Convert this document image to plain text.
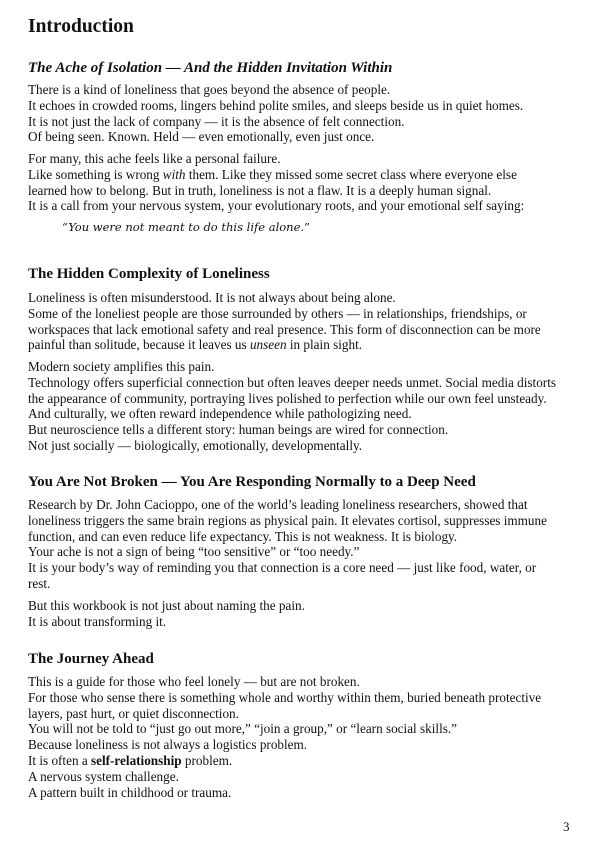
Introduction
The Ache of Isolation — And the Hidden Invitation Within
There is a kind of loneliness that goes beyond the absence of people.
It echoes in crowded rooms, lingers behind polite smiles, and sleeps beside us in quiet homes.
It is not just the lack of company — it is the absence of felt connection.
Of being seen. Known. Held — even emotionally, even just once.
For many, this ache feels like a personal failure.
Like something is wrong with them. Like they missed some secret class where everyone else
learned how to belong. But in truth, loneliness is not a flaw. It is a deeply human signal.
It is a call from your nervous system, your evolutionary roots, and your emotional self saying:
“You were not meant to do this life alone.”
The Hidden Complexity of Loneliness
Loneliness is often misunderstood. It is not always about being alone.
Some of the loneliest people are those surrounded by others — in relationships, friendships, or
workspaces that lack emotional safety and real presence. This form of disconnection can be more
painful than solitude, because it leaves us unseen in plain sight.
Modern society amplifies this pain.
Technology offers superficial connection but often leaves deeper needs unmet. Social media distorts
the appearance of community, portraying lives polished to perfection while our own feel unsteady.
And culturally, we often reward independence while pathologizing need.
But neuroscience tells a different story: human beings are wired for connection.
Not just socially — biologically, emotionally, developmentally.
You Are Not Broken — You Are Responding Normally to a Deep Need
Research by Dr. John Cacioppo, one of the world’s leading loneliness researchers, showed that
loneliness triggers the same brain regions as physical pain. It elevates cortisol, suppresses immune
function, and can even reduce life expectancy. This is not weakness. It is biology.
Your ache is not a sign of being “too sensitive” or “too needy.”
It is your body’s way of reminding you that connection is a core need — just like food, water, or
rest.
But this workbook is not just about naming the pain.
It is about transforming it.
The Journey Ahead
This is a guide for those who feel lonely — but are not broken.
For those who sense there is something whole and worthy within them, buried beneath protective
layers, past hurt, or quiet disconnection.
You will not be told to “just go out more,” “join a group,” or “learn social skills.”
Because loneliness is not always a logistics problem.
It is often a self-relationship problem.
A nervous system challenge.
A pattern built in childhood or trauma.
3
